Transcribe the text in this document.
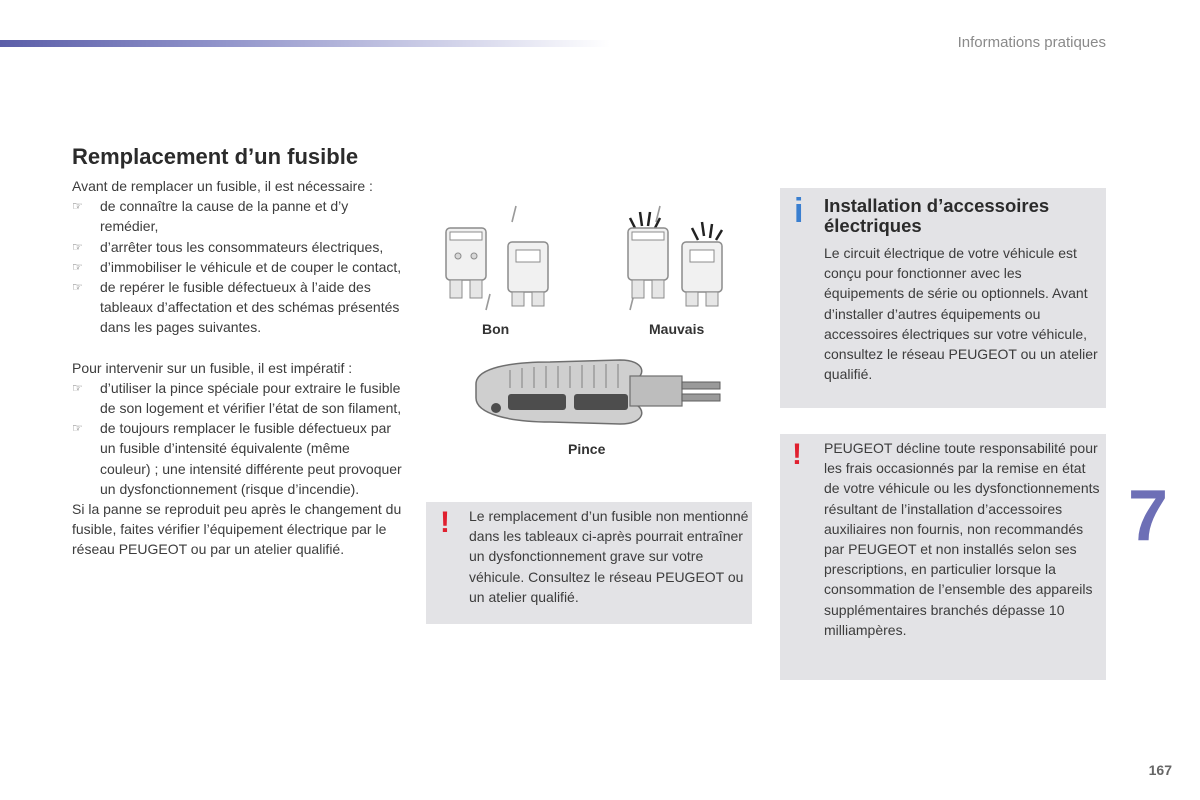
Informations pratiques
Remplacement d’un fusible

Avant de remplacer un fusible, il est nécessaire :

☞ de connaître la cause de la panne et d’y remédier,
☞ d’arrêter tous les consommateurs électriques,
☞ d’immobiliser le véhicule et de couper le contact,
☞ de repérer le fusible défectueux à l’aide des tableaux d’affectation et des schémas présentés dans les pages suivantes.

Pour intervenir sur un fusible, il est impératif :

☞ d’utiliser la pince spéciale pour extraire le fusible de son logement et vérifier l’état de son filament,
☞ de toujours remplacer le fusible défectueux par un fusible d’intensité équivalente (même couleur) ; une intensité différente peut provoquer un dysfonctionnement (risque d’incendie).

Si la panne se reproduit peu après le changement du fusible, faites vérifier l’équipement électrique par le réseau PEUGEOT ou par un atelier qualifié.

Bon	Mauvais
Pince
! Le remplacement d’un fusible non mentionné dans les tableaux ci-après pourrait entraîner un dysfonctionnement grave sur votre véhicule. Consultez le réseau PEUGEOT ou un atelier qualifié.
i Installation d’accessoires électriques
Le circuit électrique de votre véhicule est conçu pour fonctionner avec les équipements de série ou optionnels. Avant d’installer d’autres équipements ou accessoires électriques sur votre véhicule, consultez le réseau PEUGEOT ou un atelier qualifié.
! PEUGEOT décline toute responsabilité pour les frais occasionnés par la remise en état de votre véhicule ou les dysfonctionnements résultant de l’installation d’accessoires auxiliaires non fournis, non recommandés par PEUGEOT et non installés selon ses prescriptions, en particulier lorsque la consommation de l’ensemble des appareils supplémentaires branchés dépasse 10 milliampères.
7
167
